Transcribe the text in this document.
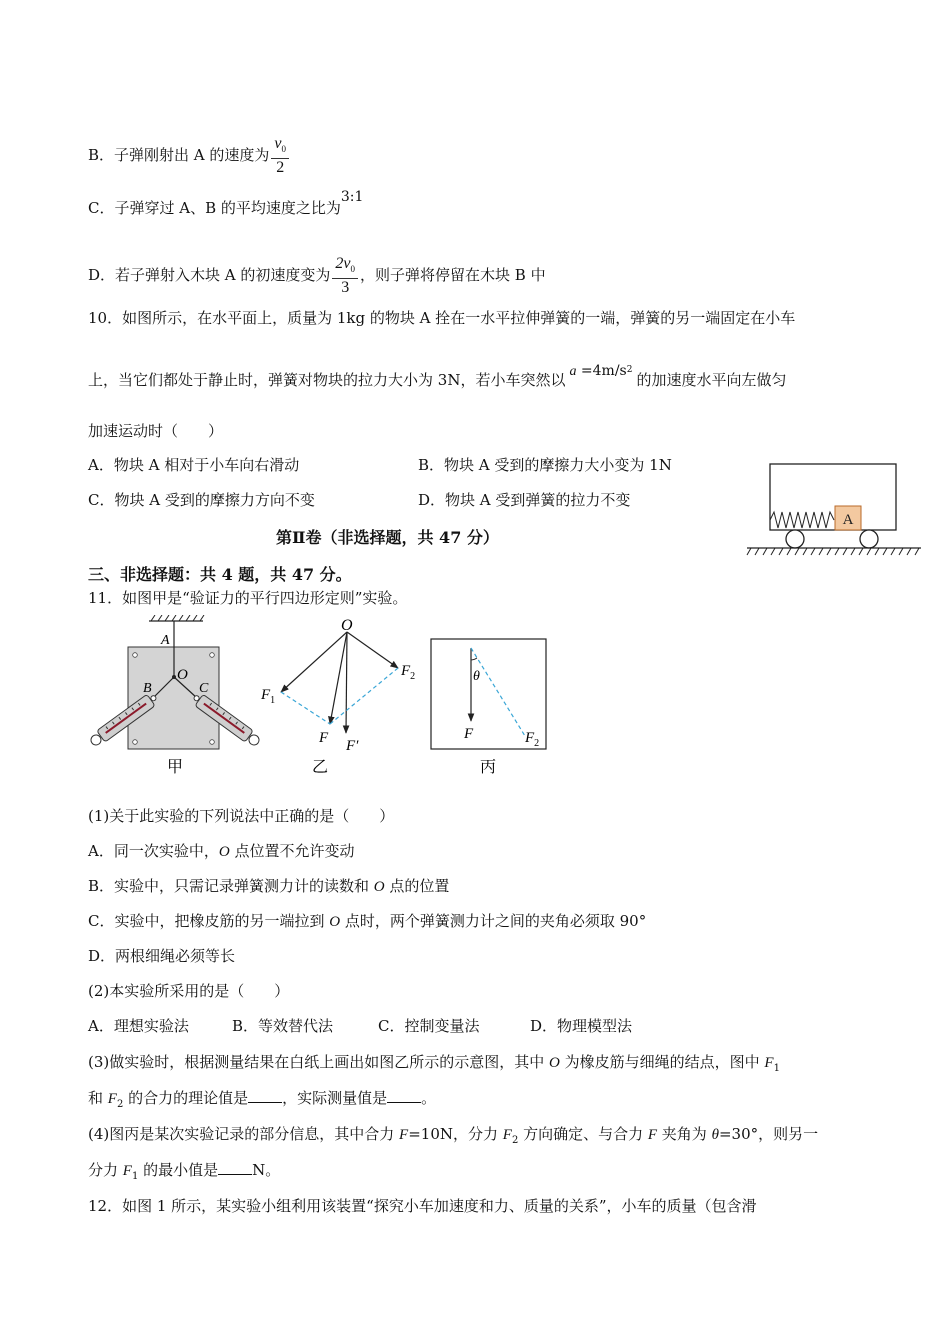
B．子弹刚射出 A 的速度为 $\frac{v_0}{2}$
C．子弹穿过 A、B 的平均速度之比为3:1
D．若子弹射入木块 A 的初速度变为 $\frac{2v_0}{3}$ ，则子弹将停留在木块 B 中
10．如图所示，在水平面上，质量为 1kg 的物块 A 拴在一水平拉伸弹簧的一端，弹簧的另一端固定在小车
上，当它们都处于静止时，弹簧对物块的拉力大小为 3N，若小车突然以 $a =4m/s^2$的加速度水平向左做匀
加速运动时（　　）
A．物块 A 相对于小车向右滑动	B．物块 A 受到的摩擦力大小变为 1N
C．物块 A 受到的摩擦力方向不变	D．物块 A 受到弹簧的拉力不变
A
第Ⅱ卷（非选择题，共 47 分）
三、非选择题：共 4 题，共 47 分。
11．如图甲是“验证力的平行四边形定则”实验。
A
O
B	C
甲
O
$F_1$
$F_2$
F F′
乙
θ
F	$F_2$
丙
(1)关于此实验的下列说法中正确的是（　　）
A．同一次实验中，O 点位置不允许变动
B．实验中，只需记录弹簧测力计的读数和 O 点的位置
C．实验中，把橡皮筋的另一端拉到 O 点时，两个弹簧测力计之间的夹角必须取 90°
D．两根细绳必须等长
(2)本实验所采用的是（　　）
A．理想实验法	B．等效替代法	C．控制变量法	D．物理模型法
(3)做实验时，根据测量结果在白纸上画出如图乙所示的示意图，其中 O 为橡皮筋与细绳的结点，图中 $F_1$
和 $F_2$ 的合力的理论值是 ，实际测量值是 。
(4)图丙是某次实验记录的部分信息，其中合力 F=10N，分力 $F_2$ 方向确定、与合力 F 夹角为 θ=30°，则另一
分力 $F_1$ 的最小值是 N。
12．如图 1 所示，某实验小组利用该装置“探究小车加速度和力、质量的关系”，小车的质量（包含滑
